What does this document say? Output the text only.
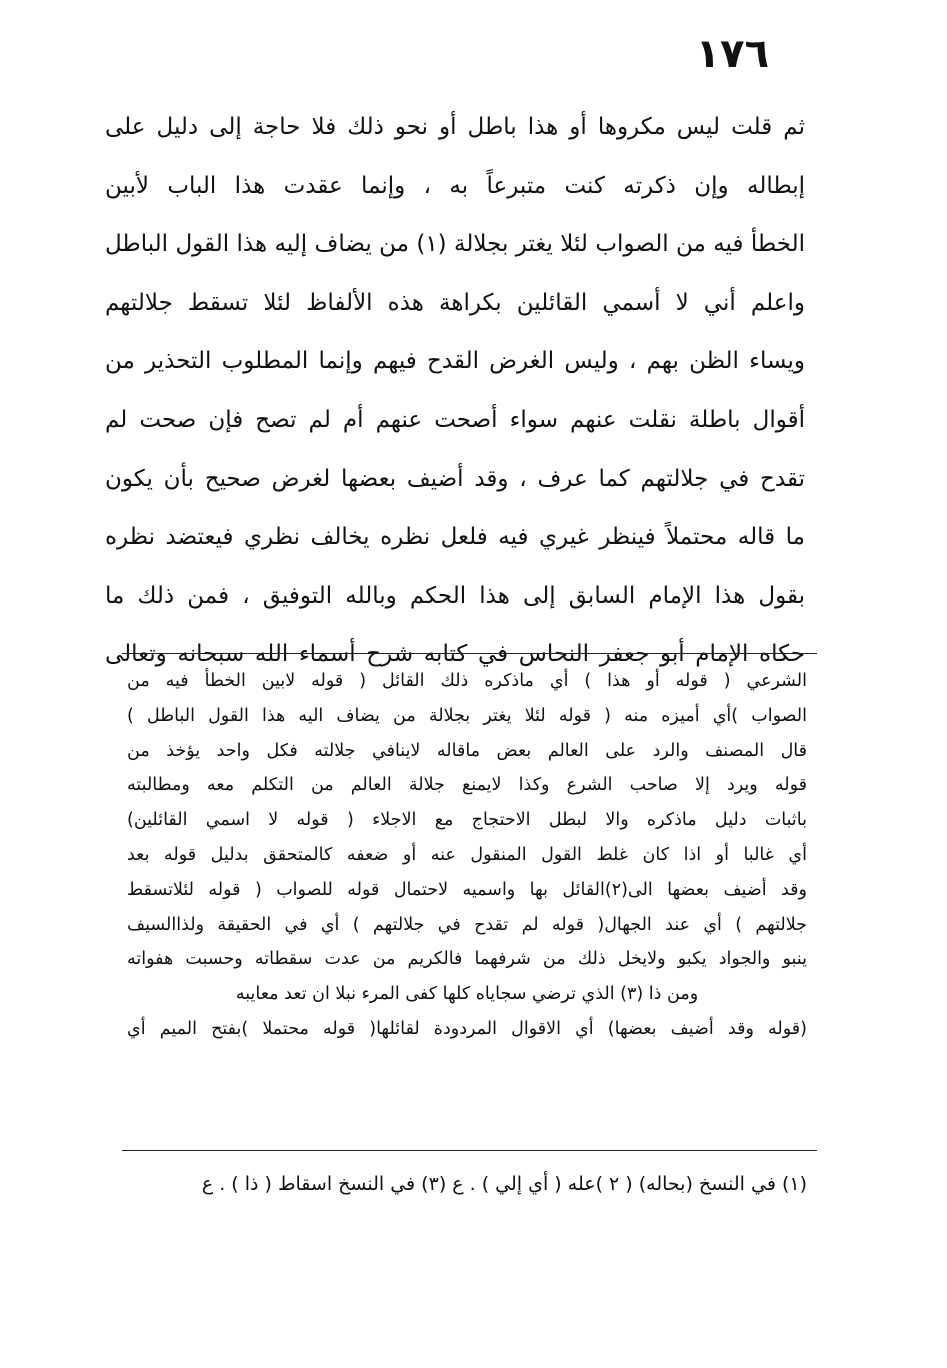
١٧٦
ثم قلت ليس مكروها أو هذا باطل أو نحو ذلك فلا حاجة إلى دليل على
إبطاله وإن ذكرته كنت متبرعاً به ، وإنما عقدت هذا الباب لأبين
الخطأ فيه من الصواب لئلا يغتر بجلالة (١) من يضاف إليه هذا القول الباطل
واعلم أني لا أسمي القائلين بكراهة هذه الألفاظ لئلا تسقط جلالتهم
ويساء الظن بهم ، وليس الغرض القدح فيهم وإنما المطلوب التحذير من
أقوال باطلة نقلت عنهم سواء أصحت عنهم أم لم تصح فإن صحت لم
تقدح في جلالتهم كما عرف ، وقد أضيف بعضها لغرض صحيح بأن يكون
ما قاله محتملاً فينظر غيري فيه فلعل نظره يخالف نظري فيعتضد نظره
بقول هذا الإمام السابق إلى هذا الحكم وبالله التوفيق ، فمن ذلك ما
حكاه الإمام أبو جعفر النحاس في كتابه شرح أسماء الله سبحانه وتعالى
الشرعي ( قوله أو هذا ) أي ماذكره ذلك القائل ( قوله لابين الخطأ فيه من
الصواب )أي أميزه منه ( قوله لئلا يغتر بجلالة من يضاف اليه هذا القول الباطل )
قال المصنف والرد على العالم بعض ماقاله لاينافي جلالته فكل واحد يؤخذ من
قوله ويرد إلا صاحب الشرع وكذا لايمنع جلالة العالم من التكلم معه ومطالبته
باثبات دليل ماذكره والا لبطل الاحتجاج مع الاجلاء ( قوله لا اسمي القائلين)
أي غالبا أو اذا كان غلط القول المنقول عنه أو ضعفه كالمتحقق بدليل قوله بعد
وقد أضيف بعضها الى(٢)القائل بها واسميه لاحتمال قوله للصواب ( قوله لئلاتسقط
جلالتهم ) أي عند الجهال( قوله لم تقدح في جلالتهم ) أي في الحقيقة ولذاالسيف
ينبو والجواد يكبو ولايخل ذلك من شرفهما فالكريم من عدت سقطاته وحسبت هفواته
ومن ذا (٣) الذي ترضي سجاياه كلها كفى المرء نبلا ان تعد معايبه
(قوله وقد أضيف بعضها) أي الاقوال المردودة لقائلها( قوله محتملا )بفتح الميم أي
(١) في النسخ (بحاله) ( ٢ )عله ( أي إلي ) . ع (٣) في النسخ اسقاط ( ذا ) . ع
